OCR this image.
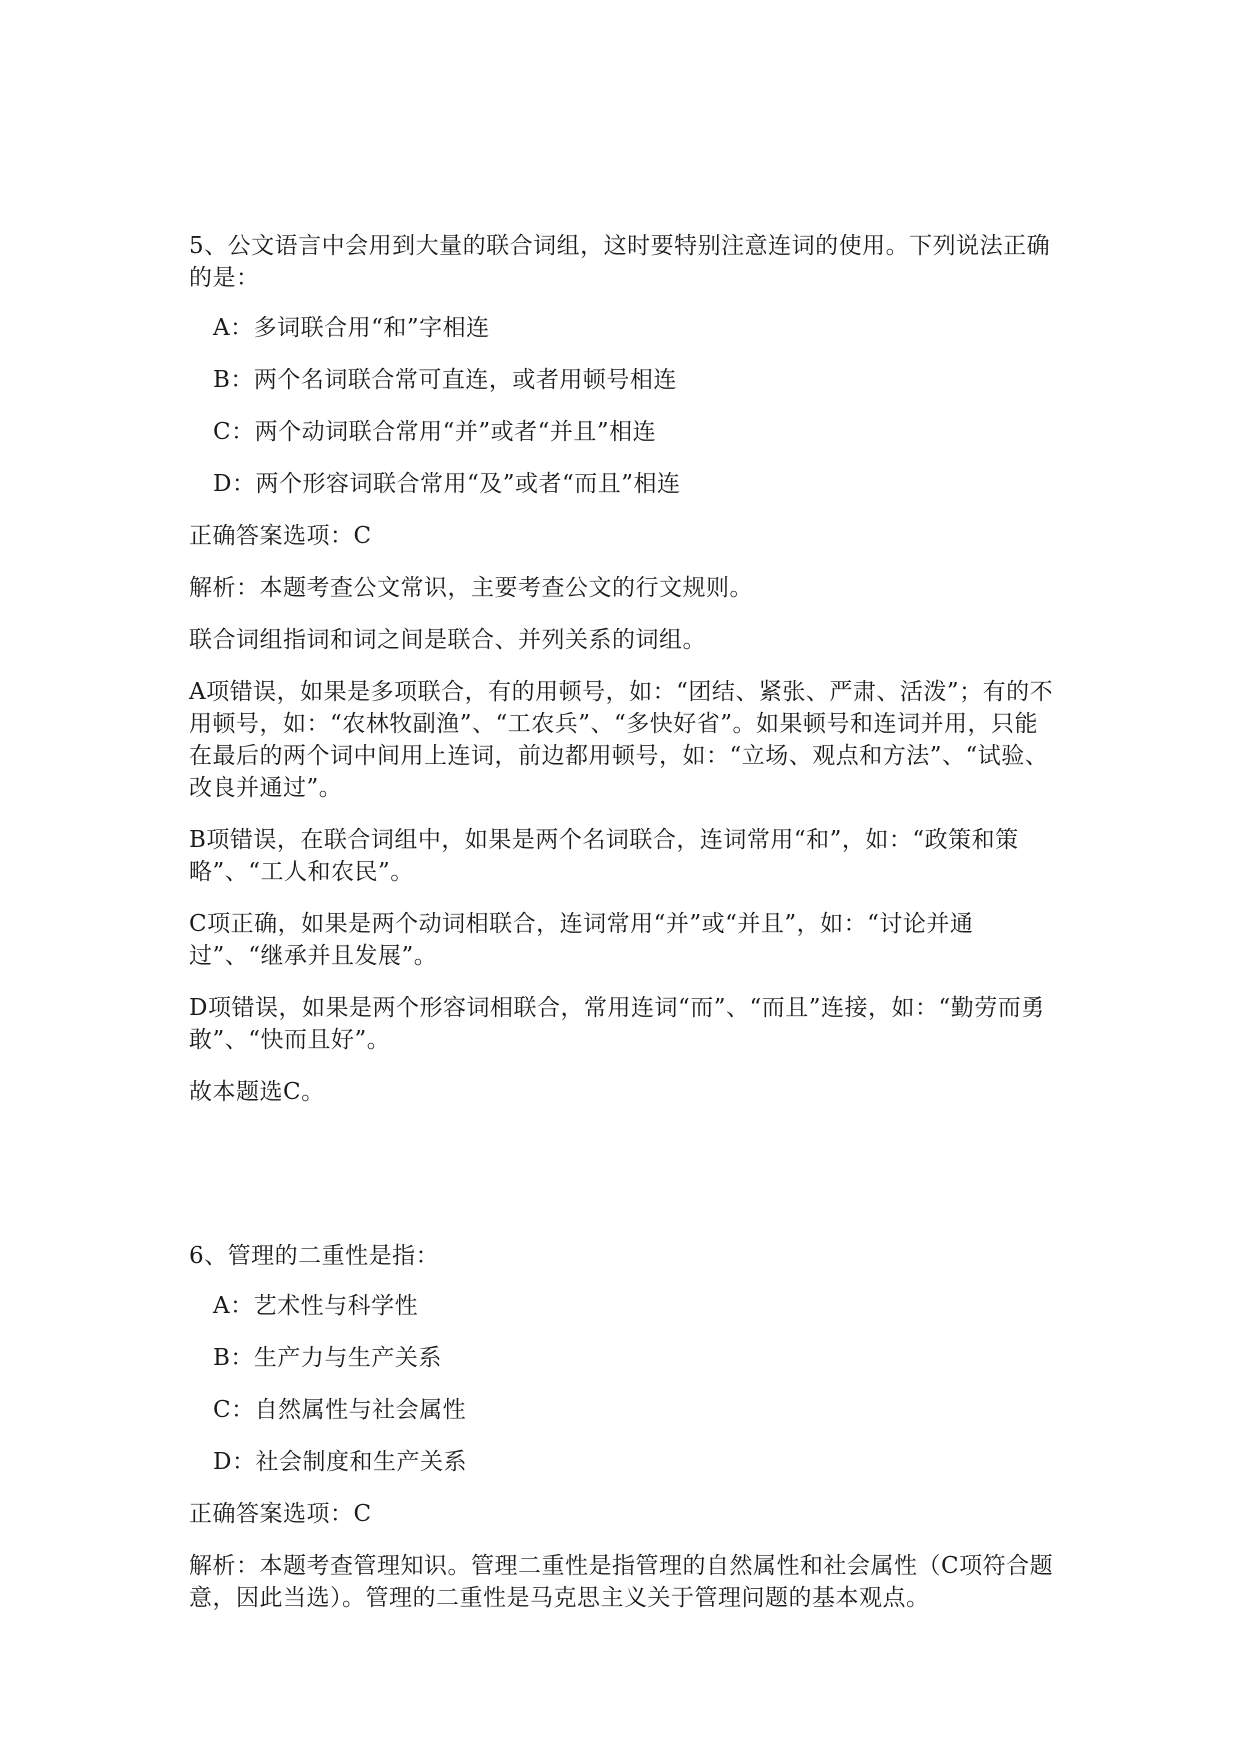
5、公文语言中会用到大量的联合词组，这时要特别注意连词的使用。下列说法正确的是：

A：多词联合用“和”字相连

B：两个名词联合常可直连，或者用顿号相连

C：两个动词联合常用“并”或者“并且”相连

D：两个形容词联合常用“及”或者“而且”相连

正确答案选项：C

解析：本题考查公文常识，主要考查公文的行文规则。

联合词组指词和词之间是联合、并列关系的词组。

A项错误，如果是多项联合，有的用顿号，如：“团结、紧张、严肃、活泼”；有的不用顿号，如：“农林牧副渔”、“工农兵”、“多快好省”。如果顿号和连词并用，只能在最后的两个词中间用上连词，前边都用顿号，如：“立场、观点和方法”、“试验、改良并通过”。

B项错误，在联合词组中，如果是两个名词联合，连词常用“和”，如：“政策和策略”、“工人和农民”。

C项正确，如果是两个动词相联合，连词常用“并”或“并且”，如：“讨论并通过”、“继承并且发展”。

D项错误，如果是两个形容词相联合，常用连词“而”、“而且”连接，如：“勤劳而勇敢”、“快而且好”。

故本题选C。

6、管理的二重性是指：

A：艺术性与科学性

B：生产力与生产关系

C：自然属性与社会属性

D：社会制度和生产关系

正确答案选项：C

解析：本题考查管理知识。管理二重性是指管理的自然属性和社会属性（C项符合题意，因此当选）。管理的二重性是马克思主义关于管理问题的基本观点。
